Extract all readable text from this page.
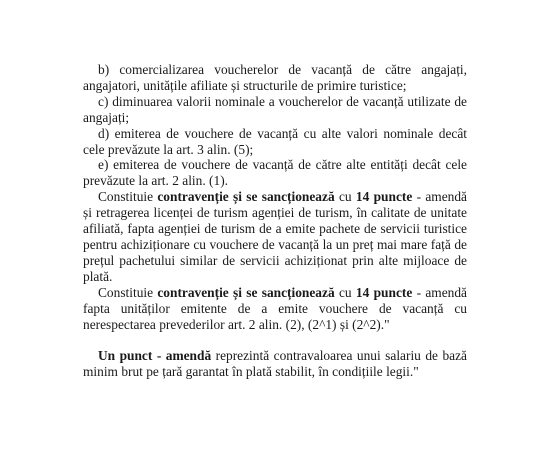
b) comercializarea voucherelor de vacanță de către angajați, angajatori, unitățile afiliate și structurile de primire turistice;

c) diminuarea valorii nominale a voucherelor de vacanță utilizate de angajați;

d) emiterea de vouchere de vacanță cu alte valori nominale decât cele prevăzute la art. 3 alin. (5);

e) emiterea de vouchere de vacanță de către alte entități decât cele prevăzute la art. 2 alin. (1).

Constituie contravenție și se sancționează cu 14 puncte - amendă și retragerea licenței de turism agenției de turism, în calitate de unitate afiliată, fapta agenției de turism de a emite pachete de servicii turistice pentru achiziționare cu vouchere de vacanță la un preț mai mare față de prețul pachetului similar de servicii achiziționat prin alte mijloace de plată.

Constituie contravenție și se sancționează cu 14 puncte - amendă fapta unităților emitente de a emite vouchere de vacanță cu nerespectarea prevederilor art. 2 alin. (2), (2^1) și (2^2)."

Un punct - amendă reprezintă contravaloarea unui salariu de bază minim brut pe țară garantat în plată stabilit, în condițiile legii."
